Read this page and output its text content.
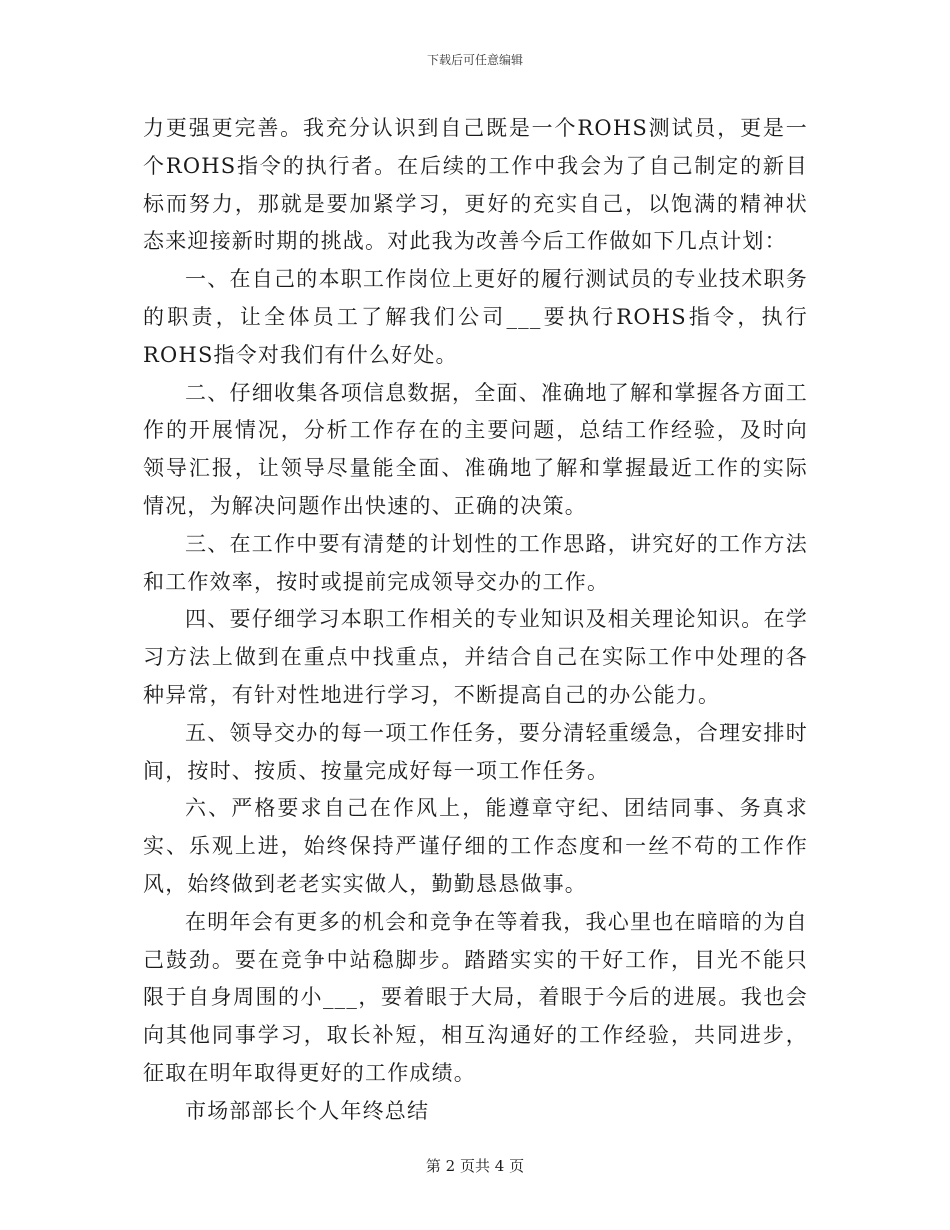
下载后可任意编辑

力更强更完善。我充分认识到自己既是一个ROHS测试员，更是一个ROHS指令的执行者。在后续的工作中我会为了自己制定的新目标而努力，那就是要加紧学习，更好的充实自己，以饱满的精神状态来迎接新时期的挑战。对此我为改善今后工作做如下几点计划：

一、在自己的本职工作岗位上更好的履行测试员的专业技术职务的职责，让全体员工了解我们公司___要执行ROHS指令，执行ROHS指令对我们有什么好处。

二、仔细收集各项信息数据，全面、准确地了解和掌握各方面工作的开展情况，分析工作存在的主要问题，总结工作经验，及时向领导汇报，让领导尽量能全面、准确地了解和掌握最近工作的实际情况，为解决问题作出快速的、正确的决策。

三、在工作中要有清楚的计划性的工作思路，讲究好的工作方法和工作效率，按时或提前完成领导交办的工作。

四、要仔细学习本职工作相关的专业知识及相关理论知识。在学习方法上做到在重点中找重点，并结合自己在实际工作中处理的各种异常，有针对性地进行学习，不断提高自己的办公能力。

五、领导交办的每一项工作任务，要分清轻重缓急，合理安排时间，按时、按质、按量完成好每一项工作任务。

六、严格要求自己在作风上，能遵章守纪、团结同事、务真求实、乐观上进，始终保持严谨仔细的工作态度和一丝不苟的工作作风，始终做到老老实实做人，勤勤恳恳做事。

在明年会有更多的机会和竞争在等着我，我心里也在暗暗的为自己鼓劲。要在竞争中站稳脚步。踏踏实实的干好工作，目光不能只限于自身周围的小___，要着眼于大局，着眼于今后的进展。我也会向其他同事学习，取长补短，相互沟通好的工作经验，共同进步，征取在明年取得更好的工作成绩。

市场部部长个人年终总结

第 2 页共 4 页
